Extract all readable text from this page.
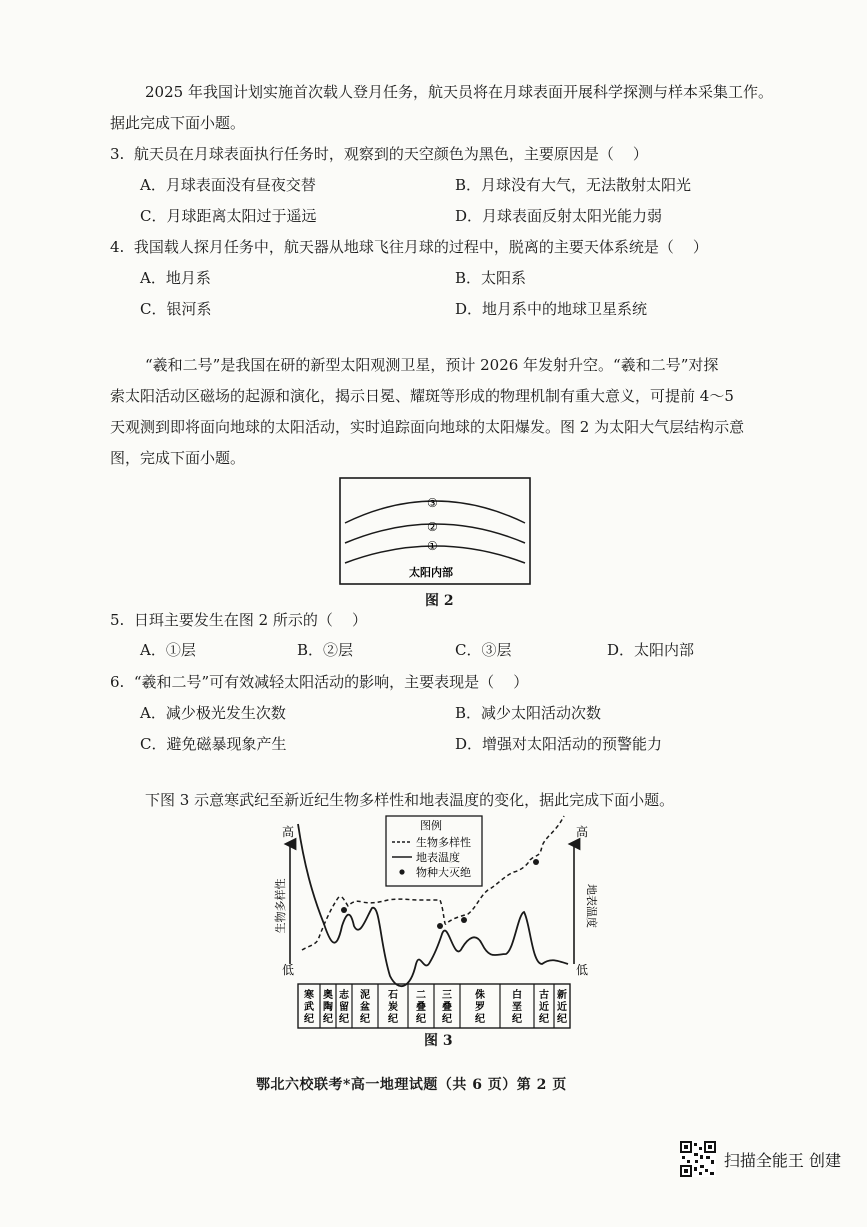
2025 年我国计划实施首次载人登月任务，航天员将在月球表面开展科学探测与样本采集工作。
据此完成下面小题。
3.  航天员在月球表面执行任务时，观察到的天空颜色为黑色，主要原因是（    ）
A．月球表面没有昼夜交替	B．月球没有大气，无法散射太阳光
C．月球距离太阳过于遥远	D．月球表面反射太阳光能力弱
4.  我国载人探月任务中，航天器从地球飞往月球的过程中，脱离的主要天体系统是（    ）
A．地月系	B．太阳系
C．银河系	D．地月系中的地球卫星系统
“羲和二号”是我国在研的新型太阳观测卫星，预计 2026 年发射升空。“羲和二号”对探
索太阳活动区磁场的起源和演化，揭示日冕、耀斑等形成的物理机制有重大意义，可提前 4～5
天观测到即将面向地球的太阳活动，实时追踪面向地球的太阳爆发。图 2 为太阳大气层结构示意
图，完成下面小题。
③
②
①
太阳内部
图 2
5.  日珥主要发生在图 2 所示的（    ）
A．①层	B．②层	C．③层	D．太阳内部
6.  “羲和二号”可有效减轻太阳活动的影响，主要表现是（    ）
A．减少极光发生次数	B．减少太阳活动次数
C．避免磁暴现象产生	D．增强对太阳活动的预警能力
下图 3 示意寒武纪至新近纪生物多样性和地表温度的变化，据此完成下面小题。
高
低
生物多样性
高
低
地表温度
图例
生物多样性
地表温度
物种大灭绝
寒武纪
奥陶纪
志留纪
泥盆纪
石炭纪
二叠纪
三叠纪
侏罗纪
白垩纪
古近纪
新近纪
图 3
鄂北六校联考*高一地理试题（共 6 页）第 2 页
扫描全能王 创建
